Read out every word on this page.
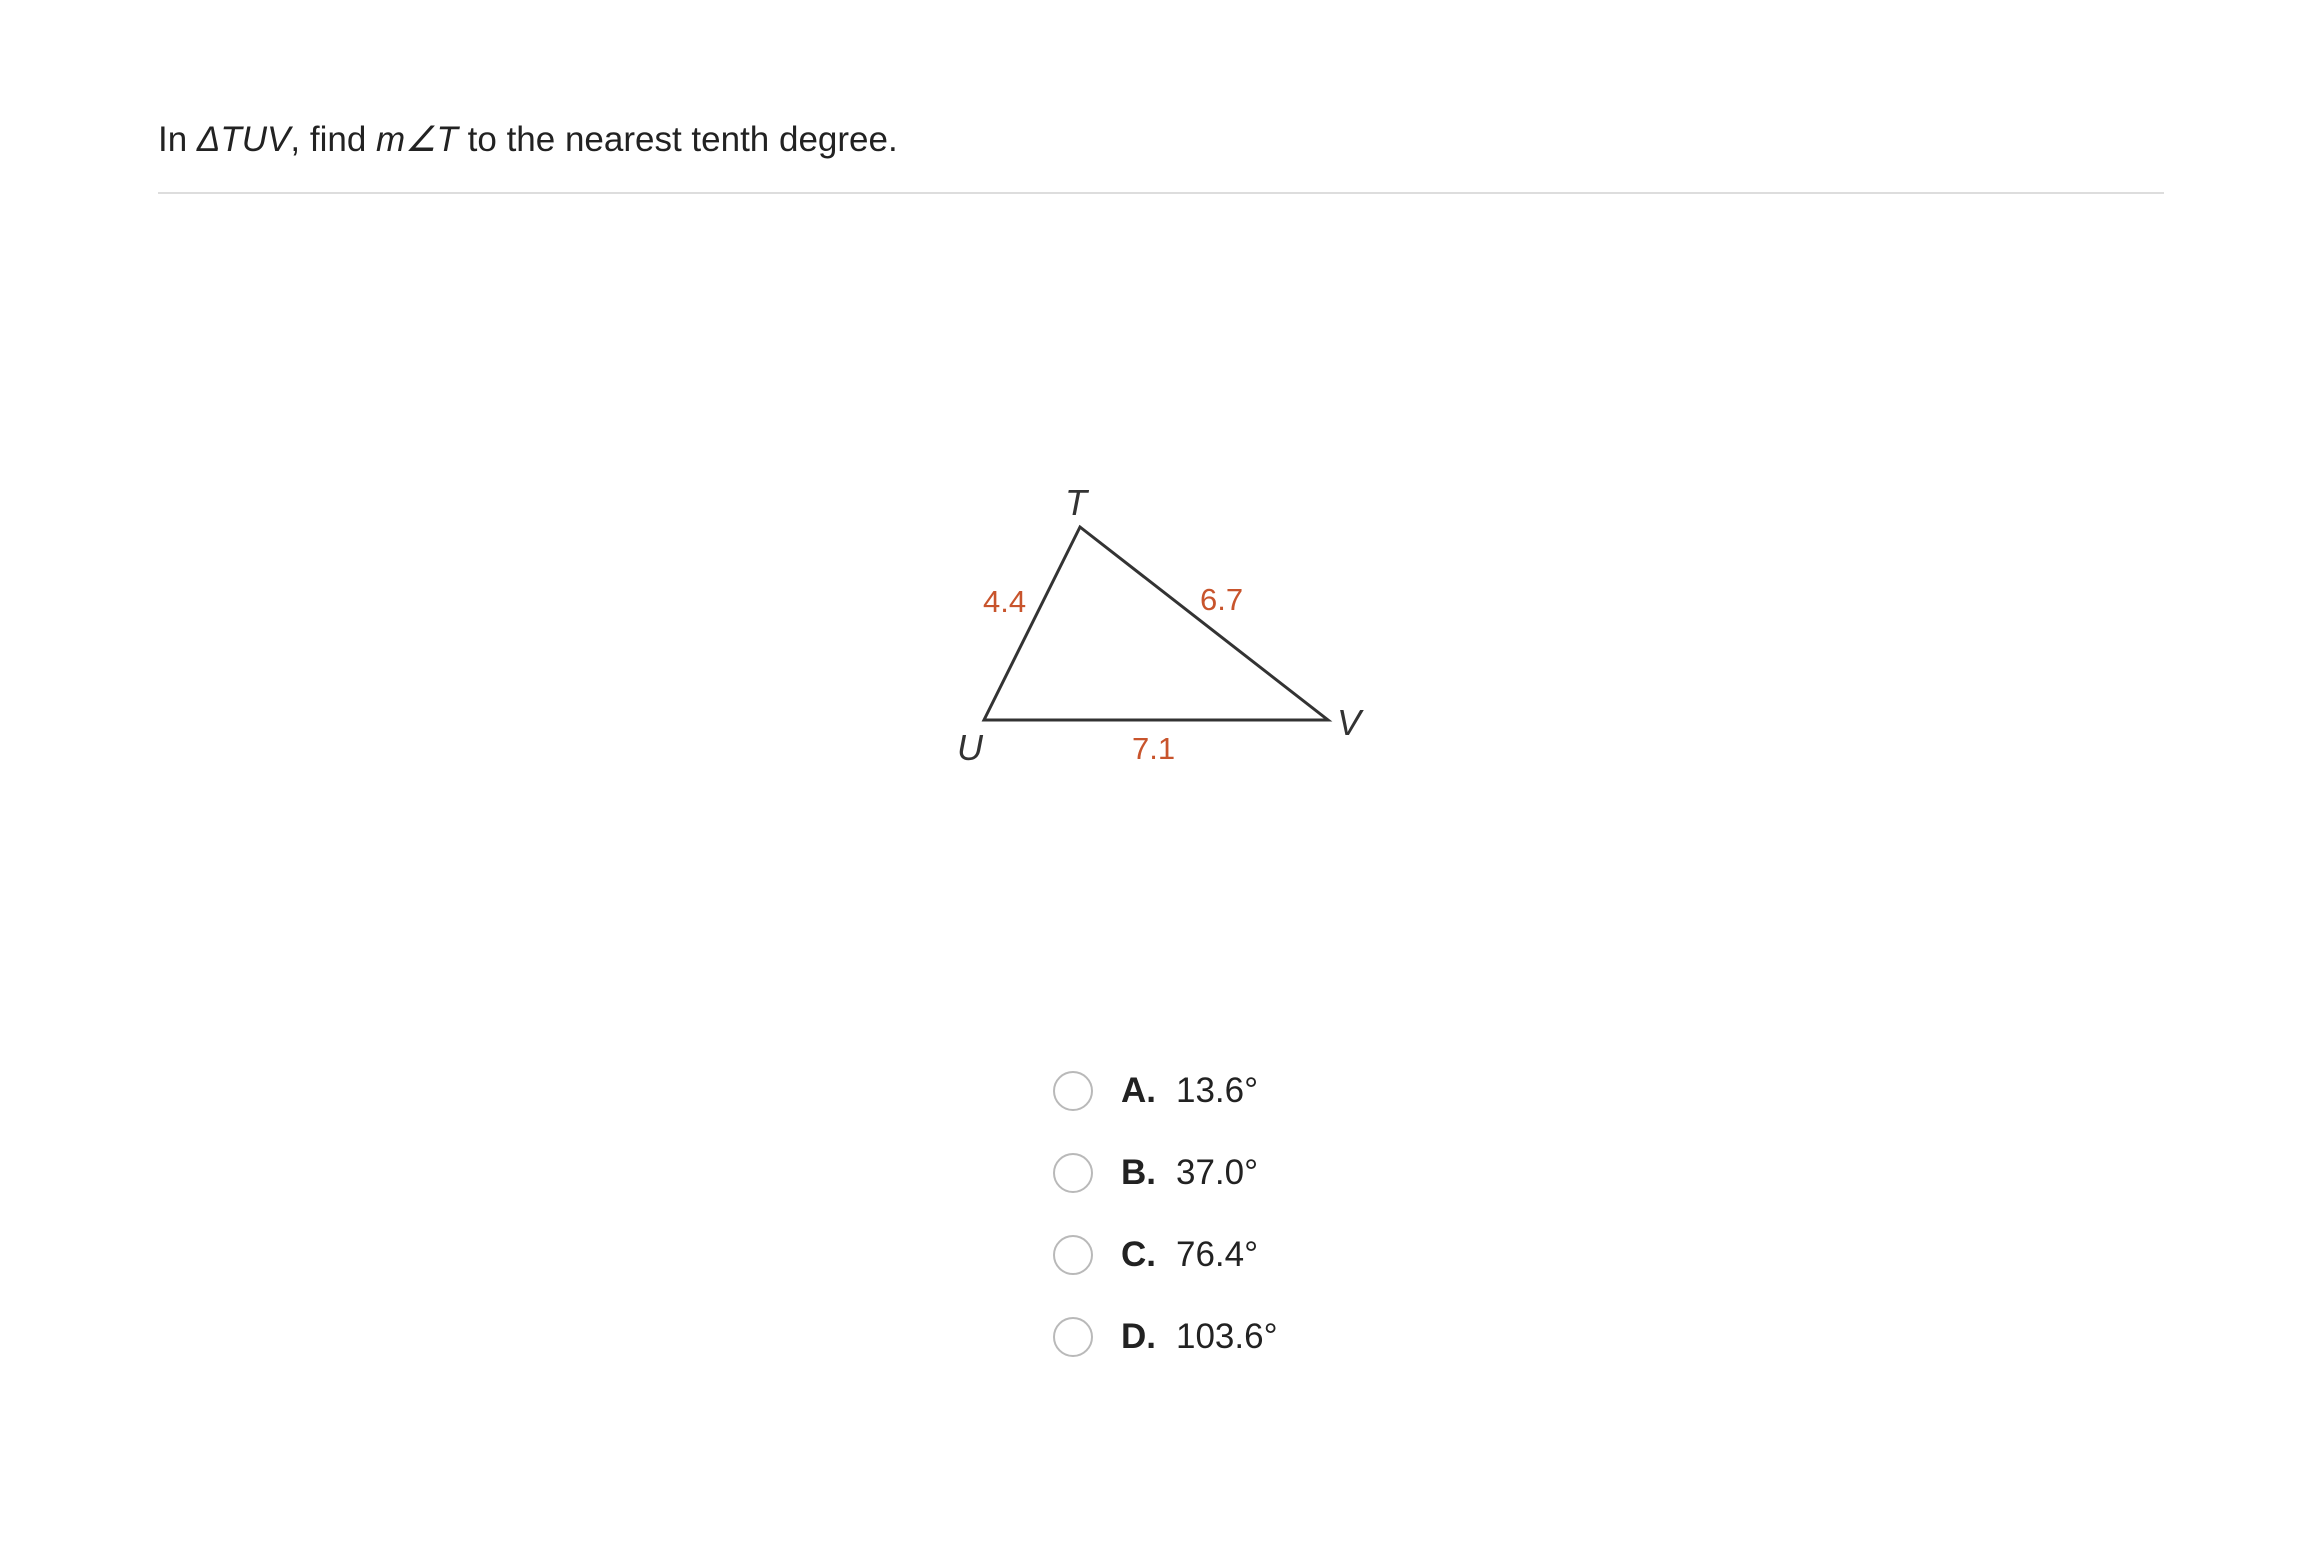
In ΔTUV, find m∠T to the nearest tenth degree.
T
U
V
4.4	6.7
7.1
A. 13.6°
B. 37.0°
C. 76.4°
D. 103.6°
